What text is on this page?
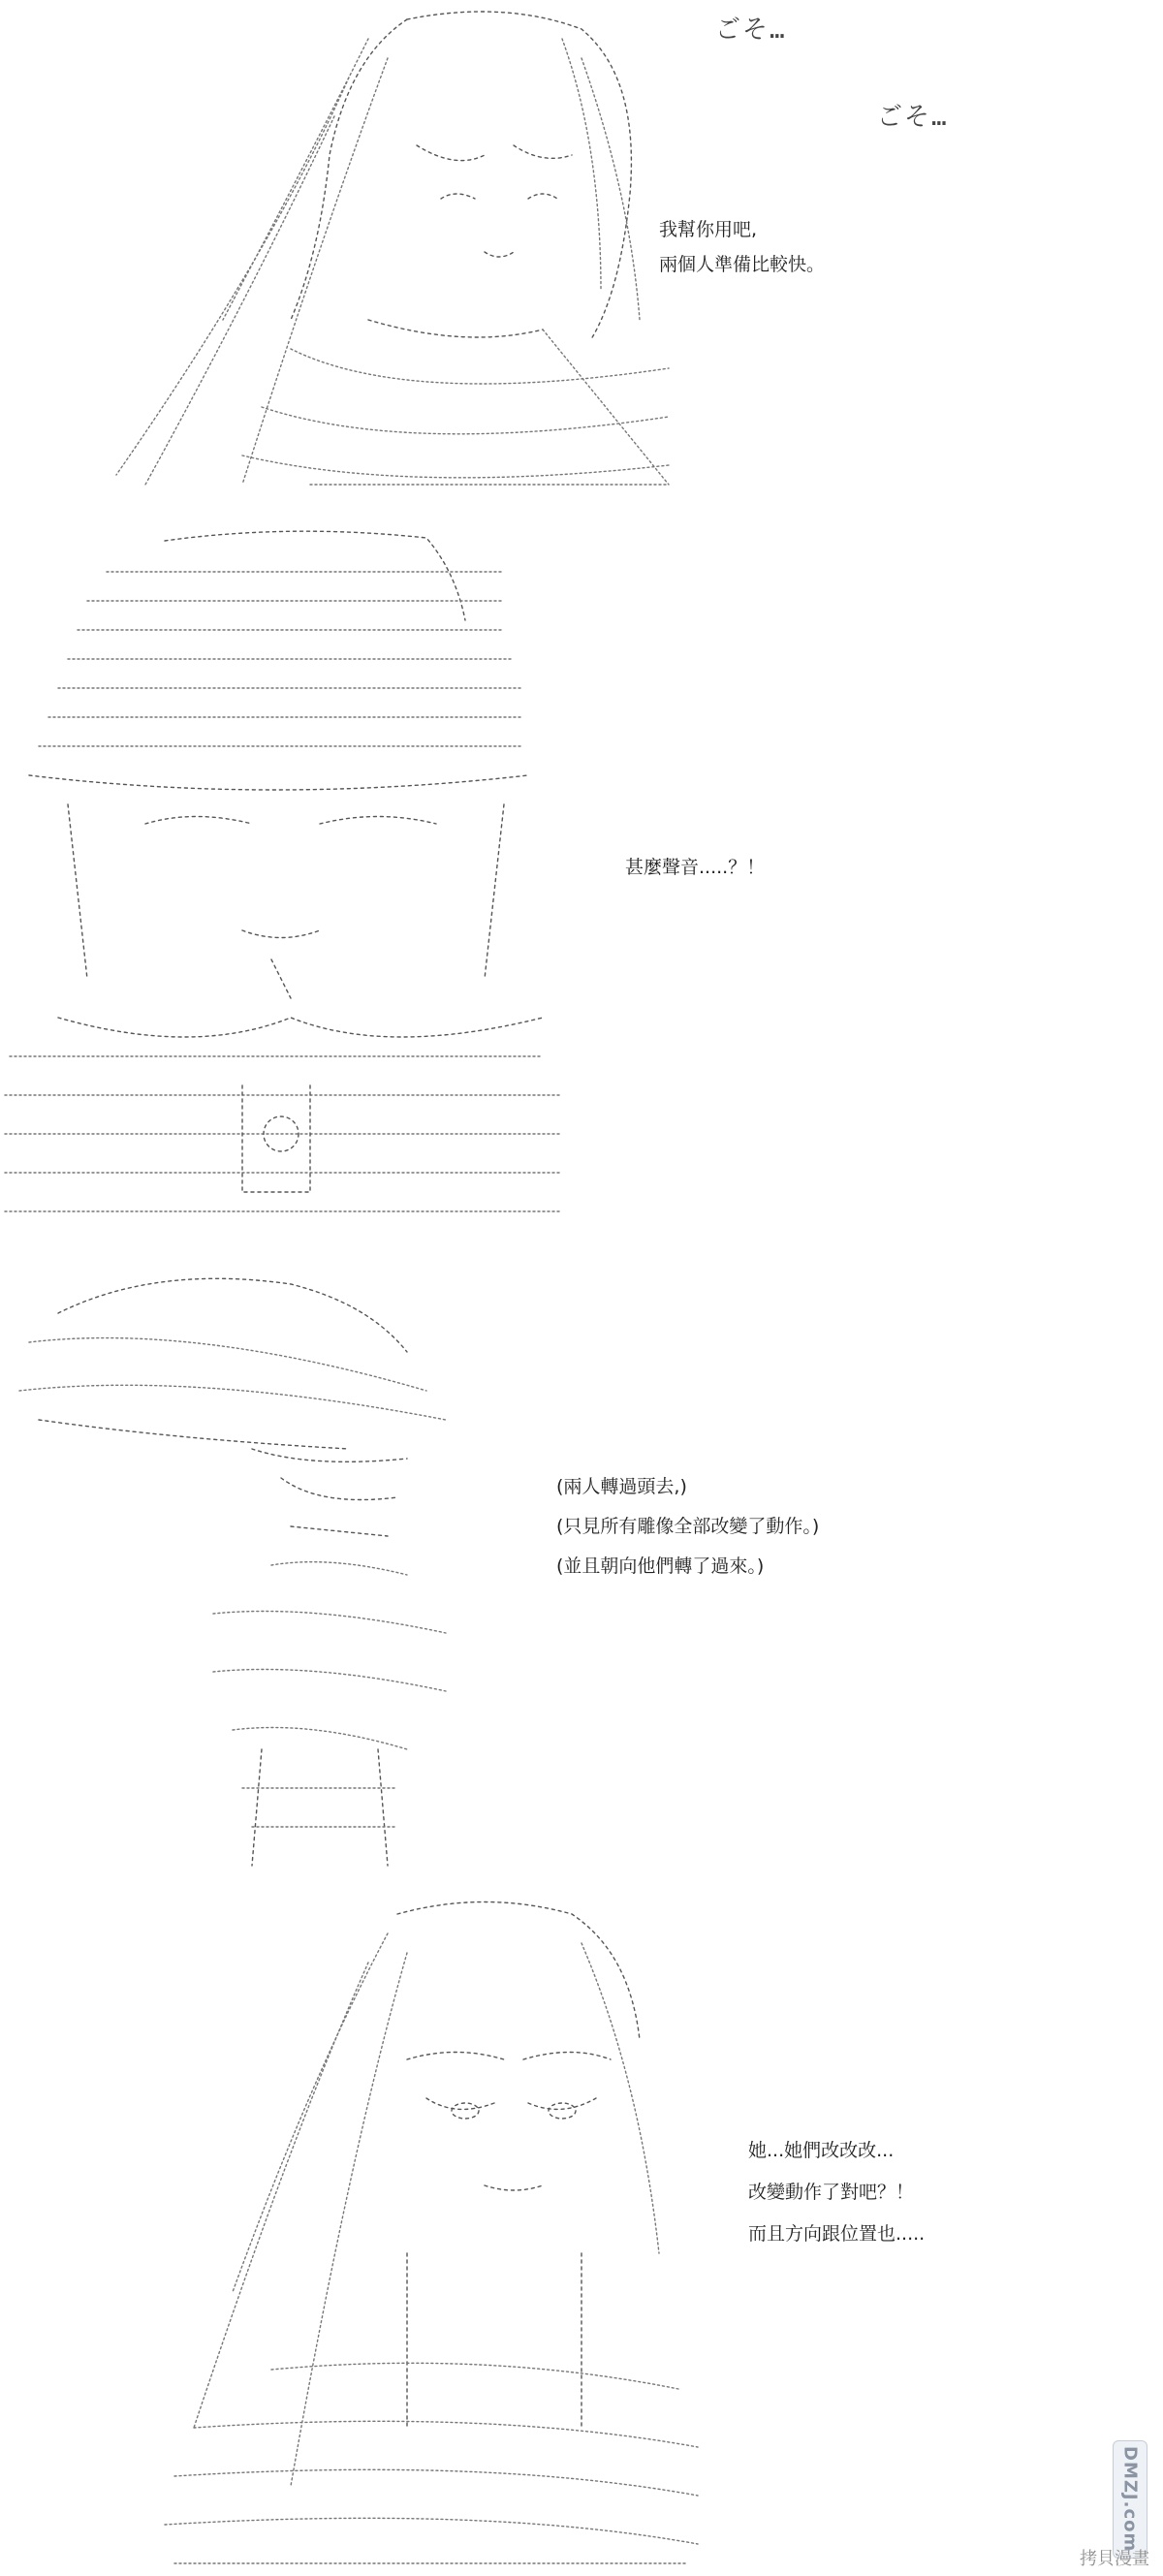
ごそ…
ごそ…
我幫你用吧,
兩個人準備比較快。
甚麼聲音.....？！
(兩人轉過頭去,)
(只見所有雕像全部改變了動作。)
(並且朝向他們轉了過來。)
她...她們改改改...
改變動作了對吧？！
而且方向跟位置也.....
DMZJ.com
拷貝漫畫
